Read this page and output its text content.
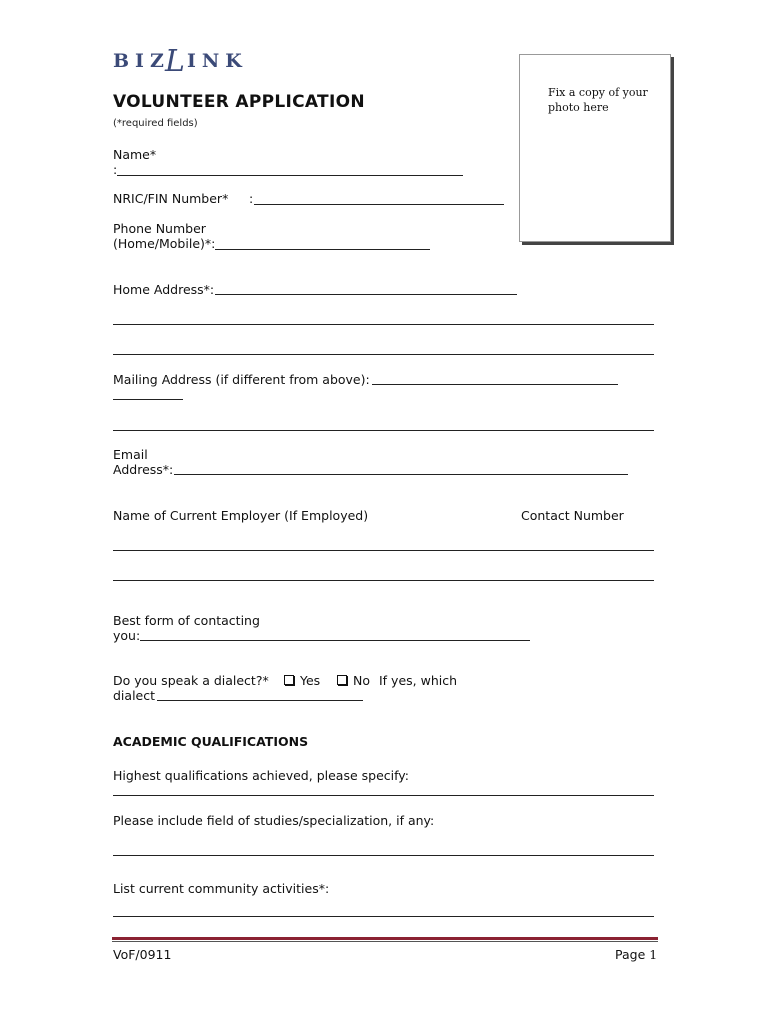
BIZ
L INK
VOLUNTEER APPLICATION
(*required fields)
Fix a copy of your photo here
Name*
:
NRIC/FIN Number* :
Phone Number
(Home/Mobile)*:
Home Address*:
Mailing Address (if different from above):
Email
Address*:
Name of Current Employer (If Employed)	Contact Number
Best form of contacting
you:
Do you speak a dialect?*	Yes	No If yes, which
dialect
ACADEMIC QUALIFICATIONS
Highest qualifications achieved, please specify:
Please include field of studies/specialization, if any:
List current community activities*:
VoF/0911	Page 1
